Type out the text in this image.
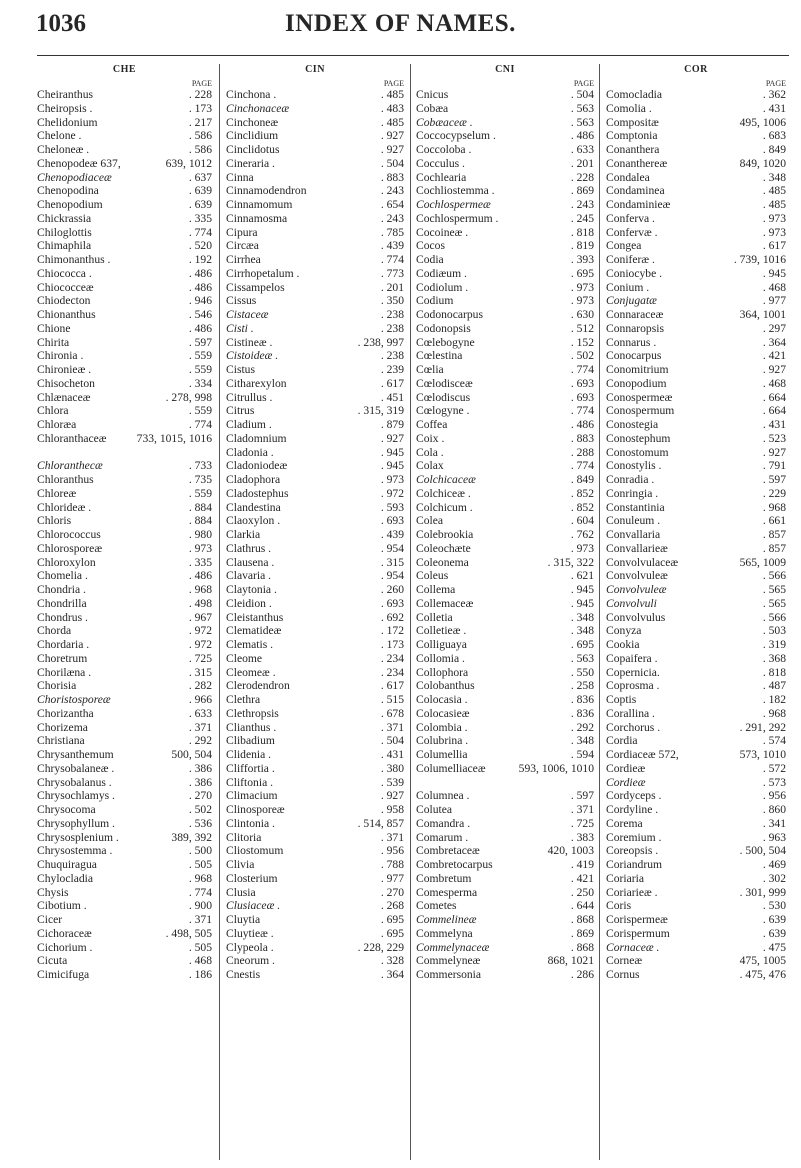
1036	INDEX OF NAMES.
CHE
PAGE
Cheiranthus	. 228
Cheiropsis .	. 173
Chelidonium	. 217
Chelone .	. 586
Cheloneæ .	. 586
Chenopodeæ 637,	639, 1012
Chenopodiaceæ	. 637
Chenopodina	. 639
Chenopodium	. 639
Chickrassia	. 335
Chiloglottis	. 774
Chimaphila	. 520
Chimonanthus .	. 192
Chiococca .	. 486
Chiococceæ	. 486
Chiodecton	. 946
Chionanthus	. 546
Chione	. 486
Chirita	. 597
Chironia .	. 559
Chironieæ .	. 559
Chisocheton	. 334
Chlænaceæ	. 278, 998
Chlora	. 559
Chloræa	. 774
Chloranthaceæ	733, 1015, 1016
Chloranthecæ	. 733
Chloranthus	. 735
Chloreæ	. 559
Chlorideæ .	. 884
Chloris	. 884
Chlorococcus	. 980
Chlorosporeæ	. 973
Chloroxylon	. 335
Chomelia .	. 486
Chondria .	. 968
Chondrilla	. 498
Chondrus .	. 967
Chorda	. 972
Chordaria .	. 972
Choretrum	. 725
Chorilæna .	. 315
Chorisia	. 282
Choristosporeæ	. 966
Chorizantha	. 633
Chorizema	. 371
Christiana	. 292
Chrysanthemum	500, 504
Chrysobalaneæ .	. 386
Chrysobalanus .	. 386
Chrysochlamys .	. 270
Chrysocoma	. 502
Chrysophyllum .	. 536
Chrysosplenium .	389, 392
Chrysostemma .	. 500
Chuquiragua	. 505
Chylocladia	. 968
Chysis	. 774
Cibotium .	. 900
Cicer	. 371
Cichoraceæ	. 498, 505
Cichorium .	. 505
Cicuta	. 468
Cimicifuga	. 186
CIN
PAGE
Cinchona .	. 485
Cinchonaceæ	. 483
Cinchoneæ	. 485
Cinclidium	. 927
Cinclidotus	. 927
Cineraria .	. 504
Cinna	. 883
Cinnamodendron	. 243
Cinnamomum	. 654
Cinnamosma	. 243
Cipura	. 785
Circæa	. 439
Cirrhea	. 774
Cirrhopetalum .	. 773
Cissampelos	. 201
Cissus	. 350
Cistaceæ	. 238
Cisti .	. 238
Cistineæ .	. 238, 997
Cistoideæ .	. 238
Cistus	. 239
Citharexylon	. 617
Citrullus .	. 451
Citrus	. 315, 319
Cladium .	. 879
Cladomnium	. 927
Cladonia .	. 945
Cladoniodeæ	. 945
Cladophora	. 973
Cladostephus	. 972
Clandestina	. 593
Claoxylon .	. 693
Clarkia	. 439
Clathrus .	. 954
Clausena .	. 315
Clavaria .	. 954
Claytonia .	. 260
Cleidion .	. 693
Cleistanthus	. 692
Clematideæ	. 172
Clematis .	. 173
Cleome	. 234
Cleomeæ .	. 234
Clerodendron	. 617
Clethra	. 515
Clethropsis	. 678
Clianthus .	. 371
Clibadium	. 504
Clidenia .	. 431
Cliffortia .	. 380
Cliftonia .	. 539
Climacium	. 927
Clinosporeæ	. 958
Clintonia .	. 514, 857
Clitoria	. 371
Cliostomum	. 956
Clivia	. 788
Closterium	. 977
Clusia	. 270
Clusiaceæ .	. 268
Cluytia	. 695
Cluytieæ .	. 695
Clypeola .	. 228, 229
Cneorum .	. 328
Cnestis	. 364
CNI
PAGE
Cnicus	. 504
Cobæa	. 563
Cobæaceæ .	. 563
Coccocypselum .	. 486
Coccoloba .	. 633
Cocculus .	. 201
Cochlearia	. 228
Cochliostemma .	. 869
Cochlospermeæ	. 243
Cochlospermum .	. 245
Cocoineæ .	. 818
Cocos	. 819
Codia	. 393
Codiæum .	. 695
Codiolum .	. 973
Codium	. 973
Codonocarpus	. 630
Codonopsis	. 512
Cœlebogyne	. 152
Cœlestina	. 502
Cœlia	. 774
Cœlodisceæ	. 693
Cœlodiscus	. 693
Cœlogyne .	. 774
Coffea	. 486
Coix .	. 883
Cola .	. 288
Colax	. 774
Colchicaceæ	. 849
Colchiceæ .	. 852
Colchicum .	. 852
Colea	. 604
Colebrookia	. 762
Coleochæte	. 973
Coleonema	. 315, 322
Coleus	. 621
Collema	. 945
Collemaceæ	. 945
Colletia	. 348
Colletieæ .	. 348
Colliguaya	. 695
Collomia .	. 563
Collophora	. 550
Colobanthus	. 258
Colocasia .	. 836
Colocasieæ	. 836
Colombia .	. 292
Colubrina .	. 348
Columellia	. 594
Columelliaceæ	593, 1006, 1010
Columnea .	. 597
Colutea	. 371
Comandra .	. 725
Comarum .	. 383
Combretaceæ	420, 1003
Combretocarpus	. 419
Combretum	. 421
Comesperma	. 250
Cometes	. 644
Commelineæ	. 868
Commelyna	. 869
Commelynaceæ	. 868
Commelyneæ	868, 1021
Commersonia	. 286
COR
PAGE
Comocladia	. 362
Comolia .	. 431
Compositæ	495, 1006
Comptonia	. 683
Conanthera	. 849
Conanthereæ	849, 1020
Condalea	. 348
Condaminea	. 485
Condaminieæ	. 485
Conferva .	. 973
Confervæ .	. 973
Congea	. 617
Coniferæ .	. 739, 1016
Coniocybe .	. 945
Conium .	. 468
Conjugatæ	. 977
Connaraceæ	364, 1001
Connaropsis	. 297
Connarus .	. 364
Conocarpus	. 421
Conomitrium	. 927
Conopodium	. 468
Conospermeæ	. 664
Conospermum	. 664
Conostegia	. 431
Conostephum	. 523
Conostomum	. 927
Conostylis .	. 791
Conradia .	. 597
Conringia .	. 229
Constantinia	. 968
Conuleum .	. 661
Convallaria	. 857
Convallarieæ	. 857
Convolvulaceæ	565, 1009
Convolvuleæ	. 566
Convolvuleæ	. 565
Convolvuli	. 565
Convolvulus	. 566
Conyza	. 503
Cookia	. 319
Copaifera .	. 368
Copernicia.	. 818
Coprosma .	. 487
Coptis	. 182
Corallina .	. 968
Corchorus .	. 291, 292
Cordia	. 574
Cordiaceæ 572,	573, 1010
Cordieæ	. 572
Cordieæ	. 573
Cordyceps .	. 956
Cordyline .	. 860
Corema	. 341
Coremium .	. 963
Coreopsis .	. 500, 504
Coriandrum	. 469
Coriaria	. 302
Coriarieæ .	. 301, 999
Coris	. 530
Corispermeæ	. 639
Corispermum	. 639
Cornaceæ .	. 475
Corneæ	475, 1005
Cornus	. 475, 476
